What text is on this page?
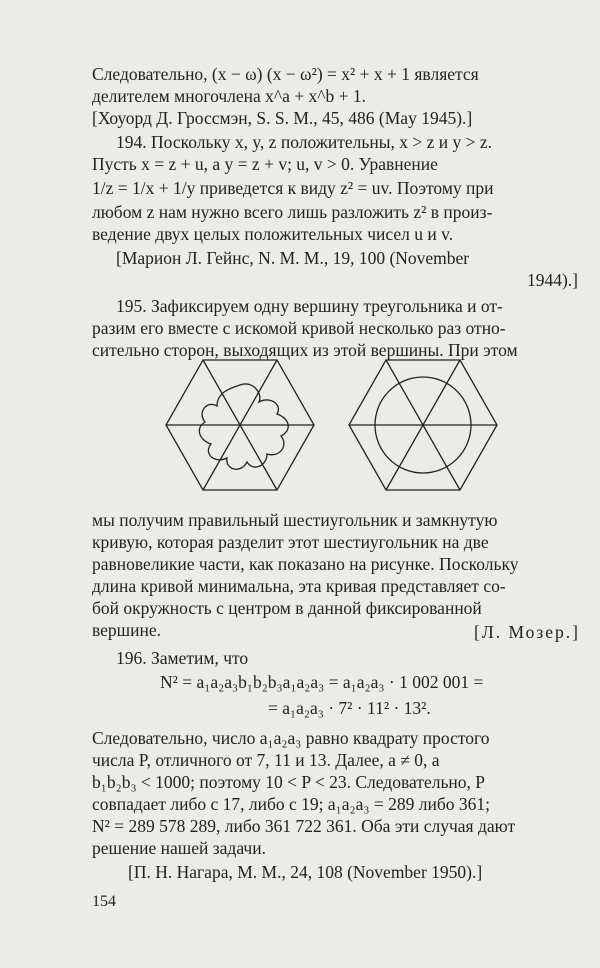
Следовательно, (x − ω) (x − ω²) = x² + x + 1 является
делителем многочлена x^a + x^b + 1.
[Хоуорд Д. Гроссмэн, S. S. M., 45, 486 (May 1945).]
194. Поскольку x, y, z положительны, x > z и y > z.
Пусть x = z + u, а y = z + v; u, v > 0. Уравнение
1/z = 1/x + 1/y приведется к виду z² = uv. Поэтому при
любом z нам нужно всего лишь разложить z² в произ-
ведение двух целых положительных чисел u и v.
[Марион Л. Гейнс, N. M. M., 19, 100 (November
1944).]
195. Зафиксируем одну вершину треугольника и от-
разим его вместе с искомой кривой несколько раз отно-
сительно сторон, выходящих из этой вершины. При этом
мы получим правильный шестиугольник и замкнутую
кривую, которая разделит этот шестиугольник на две
равновеликие части, как показано на рисунке. Поскольку
длина кривой минимальна, эта кривая представляет со-
бой окружность с центром в данной фиксированной
вершине.	[Л. Мозер.]
196. Заметим, что
N² = a₁a₂a₃b₁b₂b₃a₁a₂a₃ = a₁a₂a₃ · 1 002 001 =
= a₁a₂a₃ · 7² · 11² · 13².
Следовательно, число a₁a₂a₃ равно квадрату простого
числа P, отличного от 7, 11 и 13. Далее, a ≠ 0, а
b₁b₂b₃ < 1000; поэтому 10 < P < 23. Следовательно, P
совпадает либо с 17, либо с 19; a₁a₂a₃ = 289 либо 361;
N² = 289 578 289, либо 361 722 361. Оба эти случая дают
решение нашей задачи.
[П. Н. Нагара, M. M., 24, 108 (November 1950).]
154
